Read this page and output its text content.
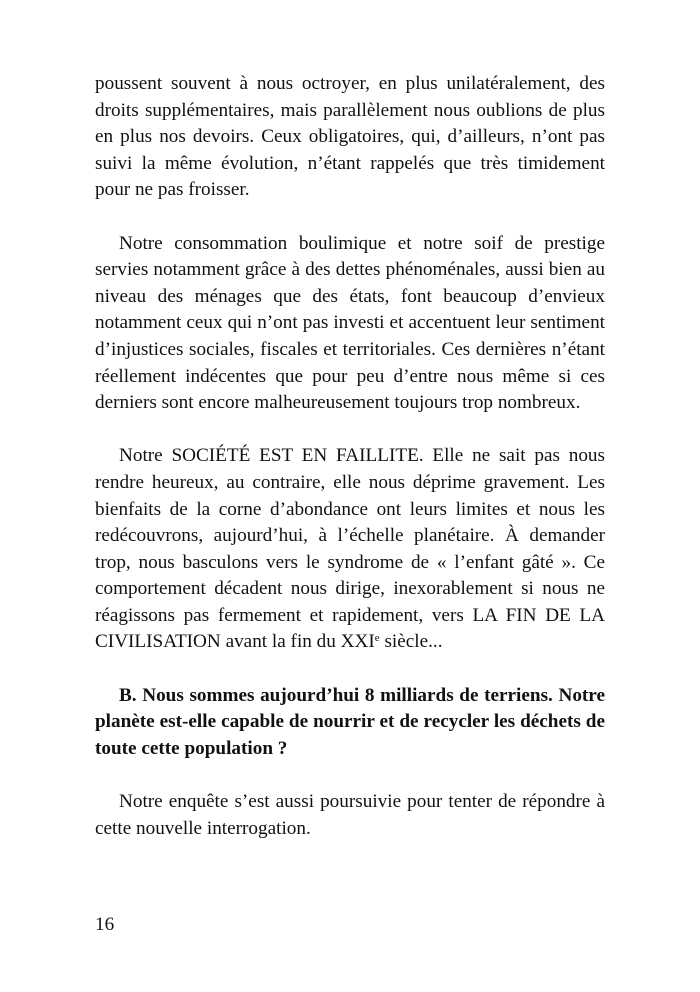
poussent souvent à nous octroyer, en plus unilatéralement, des droits supplémentaires, mais parallèlement nous oublions de plus en plus nos devoirs. Ceux obligatoires, qui, d’ailleurs, n’ont pas suivi la même évolution, n’étant rappelés que très timidement pour ne pas froisser.

Notre consommation boulimique et notre soif de prestige servies notamment grâce à des dettes phénoménales, aussi bien au niveau des ménages que des états, font beaucoup d’envieux notamment ceux qui n’ont pas investi et accentuent leur sentiment d’injustices sociales, fiscales et territoriales. Ces dernières n’étant réellement indécentes que pour peu d’entre nous même si ces derniers sont encore malheureusement toujours trop nombreux.

Notre SOCIÉTÉ EST EN FAILLITE. Elle ne sait pas nous rendre heureux, au contraire, elle nous déprime gravement. Les bienfaits de la corne d’abondance ont leurs limites et nous les redécouvrons, aujourd’hui, à l’échelle planétaire. À demander trop, nous basculons vers le syndrome de « l’enfant gâté ». Ce comportement décadent nous dirige, inexorablement si nous ne réagissons pas fermement et rapidement, vers LA FIN DE LA CIVILISATION avant la fin du XXIe siècle...

B. Nous sommes aujourd’hui 8 milliards de terriens. Notre planète est-elle capable de nourrir et de recycler les déchets de toute cette population ?

Notre enquête s’est aussi poursuivie pour tenter de répondre à cette nouvelle interrogation.

16
